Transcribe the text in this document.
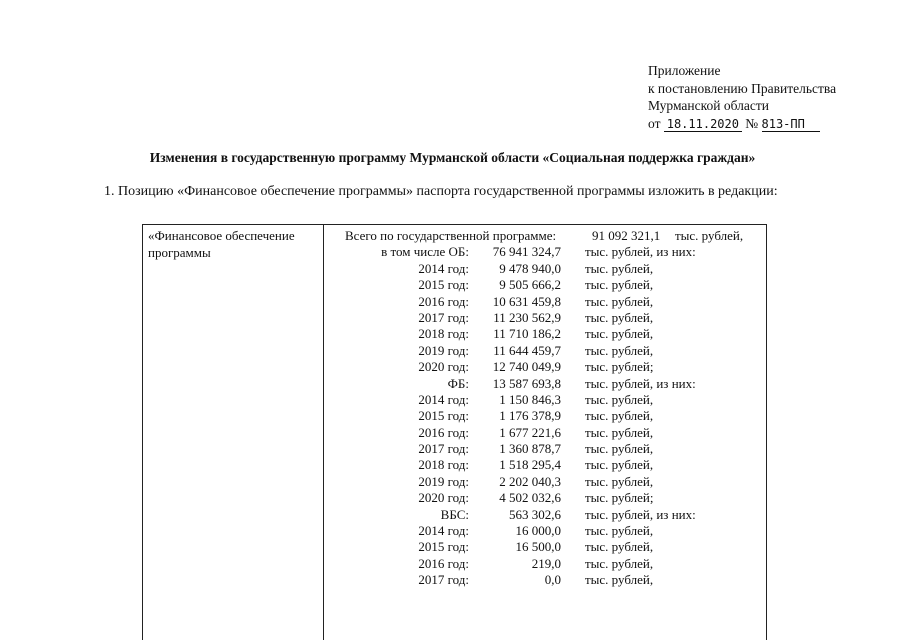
Приложение
к постановлению Правительства
Мурманской области
от 18.11.2020 № 813-ПП
Изменения в государственную программу Мурманской области «Социальная поддержка граждан»
1. Позицию «Финансовое обеспечение программы» паспорта государственной программы изложить в редакции:
«Финансовое обеспечение
программы
Всего по государственной программе:	91 092 321,1 тыс. рублей,
в том числе ОБ: 76 941 324,7 тыс. рублей, из них:
2014 год: 9 478 940,0 тыс. рублей,
2015 год: 9 505 666,2 тыс. рублей,
2016 год: 10 631 459,8 тыс. рублей,
2017 год: 11 230 562,9 тыс. рублей,
2018 год: 11 710 186,2 тыс. рублей,
2019 год: 11 644 459,7 тыс. рублей,
2020 год: 12 740 049,9 тыс. рублей;
ФБ: 13 587 693,8 тыс. рублей, из них:
2014 год: 1 150 846,3 тыс. рублей,
2015 год: 1 176 378,9 тыс. рублей,
2016 год: 1 677 221,6 тыс. рублей,
2017 год: 1 360 878,7 тыс. рублей,
2018 год: 1 518 295,4 тыс. рублей,
2019 год: 2 202 040,3 тыс. рублей,
2020 год: 4 502 032,6 тыс. рублей;
ВБС:	563 302,6 тыс. рублей, из них:
2014 год:	16 000,0 тыс. рублей,
2015 год:	16 500,0 тыс. рублей,
2016 год:	219,0 тыс. рублей,
2017 год:	0,0 тыс. рублей,
